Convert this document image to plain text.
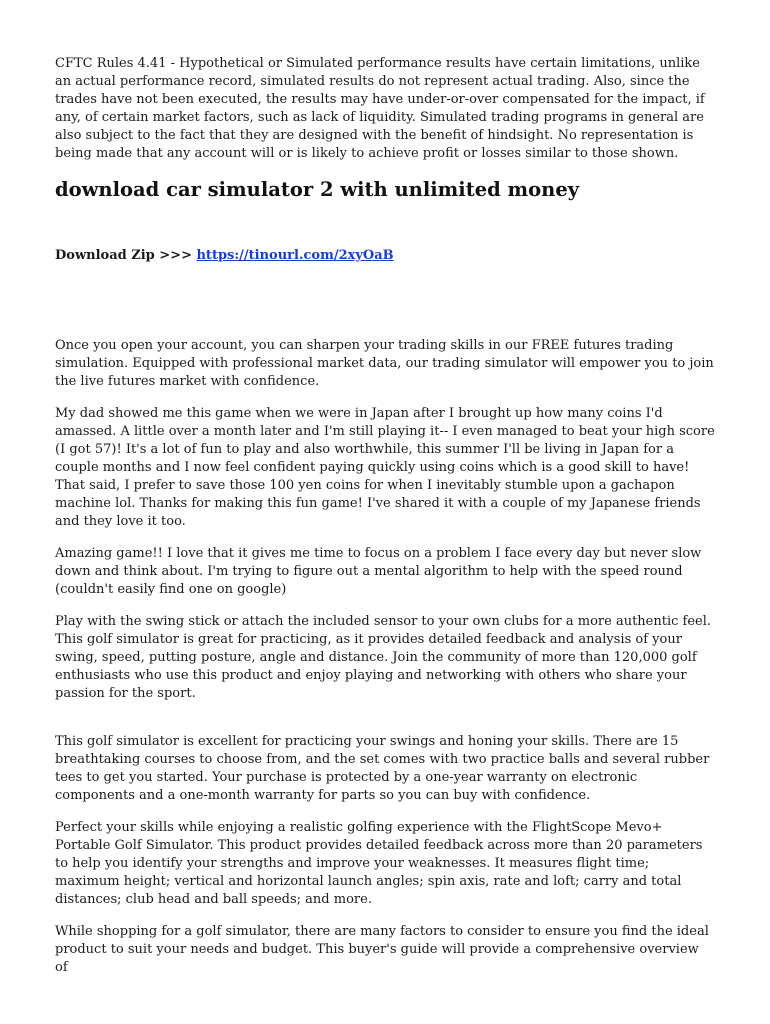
CFTC Rules 4.41 - Hypothetical or Simulated performance results have certain limitations, unlike an actual performance record, simulated results do not represent actual trading. Also, since the trades have not been executed, the results may have under-or-over compensated for the impact, if any, of certain market factors, such as lack of liquidity. Simulated trading programs in general are also subject to the fact that they are designed with the benefit of hindsight. No representation is being made that any account will or is likely to achieve profit or losses similar to those shown.

download car simulator 2 with unlimited money

Download Zip >>> https://tinourl.com/2xyOaB

Once you open your account, you can sharpen your trading skills in our FREE futures trading simulation. Equipped with professional market data, our trading simulator will empower you to join the live futures market with confidence.

My dad showed me this game when we were in Japan after I brought up how many coins I'd amassed. A little over a month later and I'm still playing it-- I even managed to beat your high score (I got 57)! It's a lot of fun to play and also worthwhile, this summer I'll be living in Japan for a couple months and I now feel confident paying quickly using coins which is a good skill to have! That said, I prefer to save those 100 yen coins for when I inevitably stumble upon a gachapon machine lol. Thanks for making this fun game! I've shared it with a couple of my Japanese friends and they love it too.

Amazing game!! I love that it gives me time to focus on a problem I face every day but never slow down and think about. I'm trying to figure out a mental algorithm to help with the speed round (couldn't easily find one on google)

Play with the swing stick or attach the included sensor to your own clubs for a more authentic feel. This golf simulator is great for practicing, as it provides detailed feedback and analysis of your swing, speed, putting posture, angle and distance. Join the community of more than 120,000 golf enthusiasts who use this product and enjoy playing and networking with others who share your passion for the sport.

This golf simulator is excellent for practicing your swings and honing your skills. There are 15 breathtaking courses to choose from, and the set comes with two practice balls and several rubber tees to get you started. Your purchase is protected by a one-year warranty on electronic components and a one-month warranty for parts so you can buy with confidence.

Perfect your skills while enjoying a realistic golfing experience with the FlightScope Mevo+ Portable Golf Simulator. This product provides detailed feedback across more than 20 parameters to help you identify your strengths and improve your weaknesses. It measures flight time; maximum height; vertical and horizontal launch angles; spin axis, rate and loft; carry and total distances; club head and ball speeds; and more.

While shopping for a golf simulator, there are many factors to consider to ensure you find the ideal product to suit your needs and budget. This buyer's guide will provide a comprehensive overview of
